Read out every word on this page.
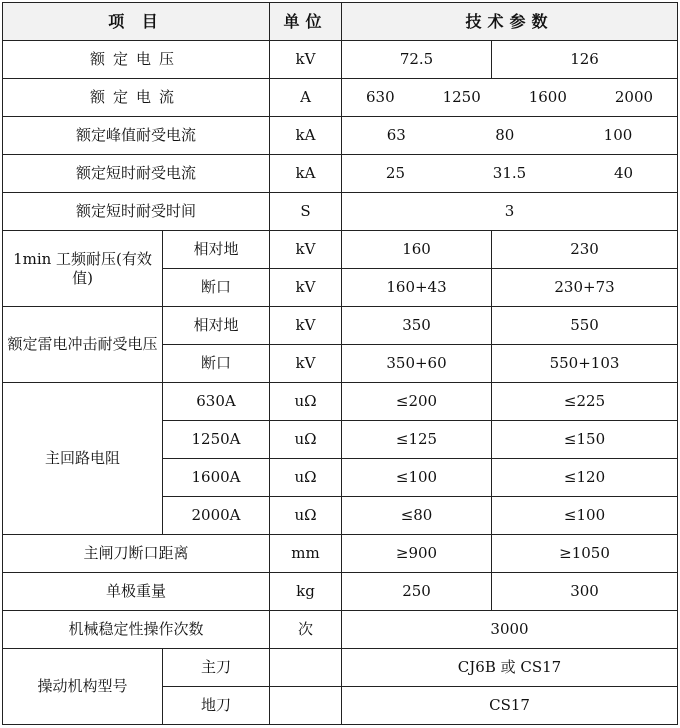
项 目		单位	技术参数	
额定电压		kV	72.5	126
额定电流		A	630 1250 1600 2000	

额定峰值耐受电流		kA	63 80 100	

额定短时耐受电流		kA	25 31.5 40	

额定短时耐受时间		S	3	
1min 工频耐压(有效值)	相对地	kV	160	230
	断口	kV	160+43	230+73
额定雷电冲击耐受电压	相对地	kV	350	550
	断口	kV	350+60	550+103
主回路电阻	630A	uΩ	≤200	≤225
	1250A	uΩ	≤125	≤150
	1600A	uΩ	≤100	≤120
	2000A	uΩ	≤80	≤100
主闸刀断口距离		mm	≥900	≥1050
单极重量		kg	250	300
机械稳定性操作次数		次	3000	
操动机构型号	主刀		CJ6B 或 CS17	
	地刀		CS17	
